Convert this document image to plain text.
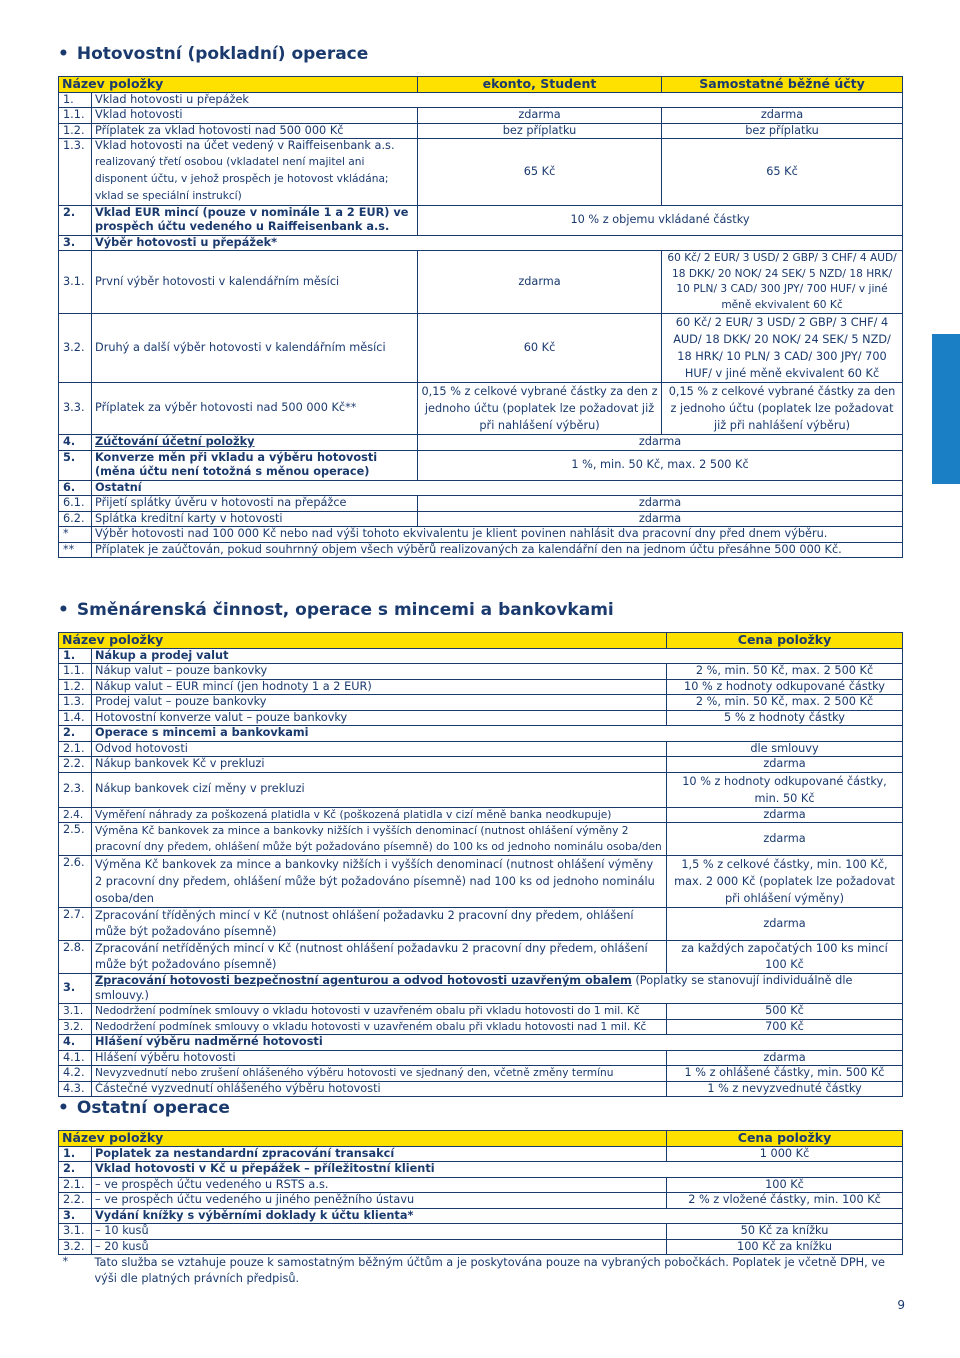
• Hotovostní (pokladní) operace
Název položky		ekonto, Student	Samostatné běžné účty
1.	Vklad hotovosti u přepážek		
1.1.	Vklad hotovosti	zdarma	zdarma
1.2.	Příplatek za vklad hotovosti nad 500 000 Kč	bez příplatku	bez příplatku
1.3.	Vklad hotovosti na účet vedený v Raiffeisenbank a.s.
realizovaný třetí osobou (vkladatel není majitel ani disponent účtu, v jehož prospěch je hotovost vkládána; vklad se speciální instrukcí)	65 Kč	65 Kč
2.	Vklad EUR mincí (pouze v nominále 1 a 2 EUR) ve prospěch účtu vedeného u Raiffeisenbank a.s.	10 % z objemu vkládané částky	
3.	Výběr hotovosti u přepážek*		
3.1.	První výběr hotovosti v kalendářním měsíci	zdarma	60 Kč/ 2 EUR/ 3 USD/ 2 GBP/ 3 CHF/ 4 AUD/ 18 DKK/ 20 NOK/ 24 SEK/ 5 NZD/ 18 HRK/ 10 PLN/ 3 CAD/ 300 JPY/ 700 HUF/ v jiné měně ekvivalent 60 Kč
3.2.	Druhý a další výběr hotovosti v kalendářním měsíci	60 Kč	60 Kč/ 2 EUR/ 3 USD/ 2 GBP/ 3 CHF/ 4 AUD/ 18 DKK/ 20 NOK/ 24 SEK/ 5 NZD/ 18 HRK/ 10 PLN/ 3 CAD/ 300 JPY/ 700 HUF/ v jiné měně ekvivalent 60 Kč
3.3.	Příplatek za výběr hotovosti nad 500 000 Kč**	0,15 % z celkové vybrané částky za den z jednoho účtu (poplatek lze požadovat již při nahlášení výběru)	0,15 % z celkové vybrané částky za den z jednoho účtu (poplatek lze požadovat již při nahlášení výběru)
4.	Zúčtování účetní položky	zdarma	
5.	Konverze měn při vkladu a výběru hotovosti (měna účtu není totožná s měnou operace)	1 %, min. 50 Kč, max. 2 500 Kč	
6.	Ostatní		
6.1.	Přijetí splátky úvěru v hotovosti na přepážce	zdarma	
6.2.	Splátka kreditní karty v hotovosti	zdarma	
*	Výběr hotovosti nad 100 000 Kč nebo nad výši tohoto ekvivalentu je klient povinen nahlásit dva pracovní dny před dnem výběru.		
**	Příplatek je zaúčtován, pokud souhrnný objem všech výběrů realizovaných za kalendářní den na jednom účtu přesáhne 500 000 Kč.		
• Směnárenská činnost, operace s mincemi a bankovkami
Název položky		Cena položky
1.	Nákup a prodej valut	
1.1.	Nákup valut – pouze bankovky	2 %, min. 50 Kč, max. 2 500 Kč
1.2.	Nákup valut – EUR mincí (jen hodnoty 1 a 2 EUR)	10 % z hodnoty odkupované částky
1.3.	Prodej valut – pouze bankovky	2 %, min. 50 Kč, max. 2 500 Kč
1.4.	Hotovostní konverze valut – pouze bankovky	5 % z hodnoty částky
2.	Operace s mincemi a bankovkami	
2.1.	Odvod hotovosti	dle smlouvy
2.2.	Nákup bankovek Kč v prekluzi	zdarma
2.3.	Nákup bankovek cizí měny v prekluzi	10 % z hodnoty odkupované částky, min. 50 Kč
2.4.	Vyměření náhrady za poškozená platidla v Kč (poškozená platidla v cizí měně banka neodkupuje)	zdarma
2.5.	Výměna Kč bankovek za mince a bankovky nižších i vyšších denominací (nutnost ohlášení výměny 2 pracovní dny předem, ohlášení může být požadováno písemně) do 100 ks od jednoho nominálu osoba/den	zdarma
2.6.	Výměna Kč bankovek za mince a bankovky nižších i vyšších denominací (nutnost ohlášení výměny 2 pracovní dny předem, ohlášení může být požadováno písemně) nad 100 ks od jednoho nominálu osoba/den	1,5 % z celkové částky, min. 100 Kč, max. 2 000 Kč (poplatek lze požadovat při ohlášení výměny)
2.7.	Zpracování tříděných mincí v Kč (nutnost ohlášení požadavku 2 pracovní dny předem, ohlášení může být požadováno písemně)	zdarma
2.8.	Zpracování netříděných mincí v Kč (nutnost ohlášení požadavku 2 pracovní dny předem, ohlášení může být požadováno písemně)	za každých započatých 100 ks mincí 100 Kč
3.	Zpracování hotovosti bezpečnostní agenturou a odvod hotovosti uzavřeným obalem (Poplatky se stanovují individuálně dle smlouvy.)	
3.1.	Nedodržení podmínek smlouvy o vkladu hotovosti v uzavřeném obalu při vkladu hotovosti do 1 mil. Kč	500 Kč
3.2.	Nedodržení podmínek smlouvy o vkladu hotovosti v uzavřeném obalu při vkladu hotovosti nad 1 mil. Kč	700 Kč
4.	Hlášení výběru nadměrné hotovosti	
4.1.	Hlášení výběru hotovosti	zdarma
4.2.	Nevyzvednutí nebo zrušení ohlášeného výběru hotovosti ve sjednaný den, včetně změny termínu	1 % z ohlášené částky, min. 500 Kč
4.3.	Částečné vyzvednutí ohlášeného výběru hotovosti	1 % z nevyzvednuté částky
• Ostatní operace
Název položky		Cena položky
1.	Poplatek za nestandardní zpracování transakcí	1 000 Kč
2.	Vklad hotovosti v Kč u přepážek – příležitostní klienti	
2.1.	– ve prospěch účtu vedeného u RSTS a.s.	100 Kč
2.2.	– ve prospěch účtu vedeného u jiného peněžního ústavu	2 % z vložené částky, min. 100 Kč
3.	Vydání knížky s výběrními doklady k účtu klienta*	
3.1.	– 10 kusů	50 Kč za knížku
3.2.	– 20 kusů	100 Kč za knížku
*	Tato služba se vztahuje pouze k samostatným běžným účtům a je poskytována pouze na vybraných pobočkách. Poplatek je včetně DPH, ve výši dle platných právních předpisů.	
9
